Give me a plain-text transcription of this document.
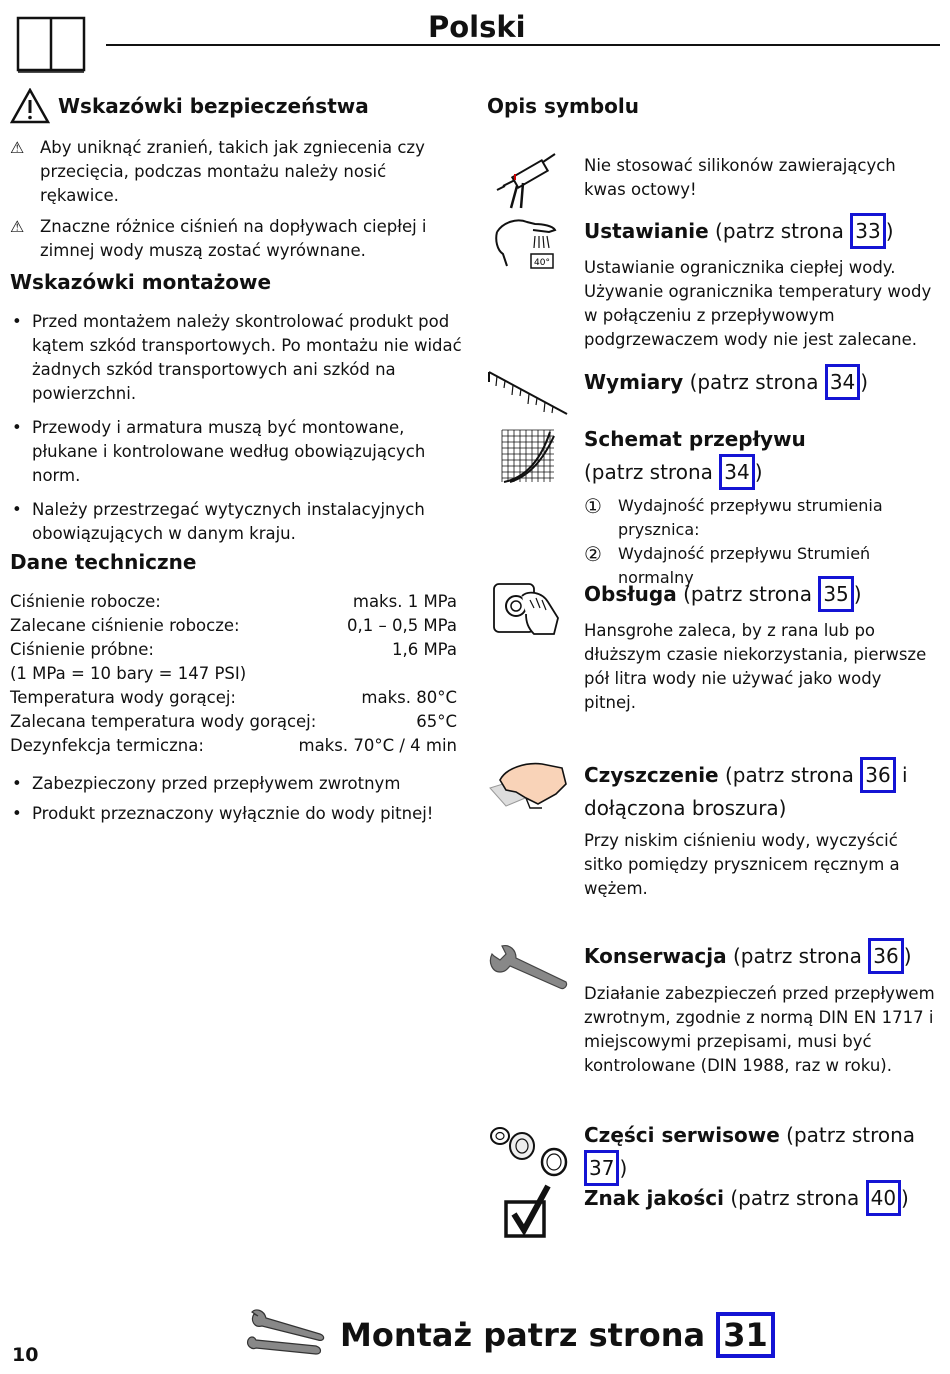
Polski
Wskazówki bezpieczeństwa
⚠ Aby uniknąć zranień, takich jak zgniecenia czy przecięcia, podczas montażu należy nosić rękawice.
⚠ Znaczne różnice ciśnień na dopływach ciepłej i zimnej wody muszą zostać wyrównane.
Wskazówki montażowe
• Przed montażem należy skontrolować produkt pod kątem szkód transportowych. Po montażu nie widać żadnych szkód transportowych ani szkód na powierzchni.
• Przewody i armatura muszą być montowane, płukane i kontrolowane według obowiązujących norm.
• Należy przestrzegać wytycznych instalacyjnych obowiązujących w danym kraju.
Dane techniczne
Ciśnienie robocze:	maks. 1 MPa
Zalecane ciśnienie robocze:	0,1 – 0,5 MPa
Ciśnienie próbne:	1,6 MPa
(1 MPa = 10 bary = 147 PSI)
Temperatura wody gorącej:	maks. 80°C
Zalecana temperatura wody gorącej:	65°C
Dezynfekcja termiczna:	maks. 70°C / 4 min
• Zabezpieczony przed przepływem zwrotnym
• Produkt przeznaczony wyłącznie do wody pitnej!
Opis symbolu
Nie stosować silikonów zawierających kwas octowy!
40°
Ustawianie (patrz strona 33 )
Ustawianie ogranicznika ciepłej wody. Używanie ogranicznika temperatury wody w połączeniu z przepływowym podgrzewaczem wody nie jest zalecane.
Wymiary (patrz strona 34 )
Schemat przepływu
(patrz strona 34 )
①	Wydajność przepływu strumienia prysznica:
②	Wydajność przepływu Strumień normalny
Obsługa (patrz strona 35 )
Hansgrohe zaleca, by z rana lub po dłuższym czasie niekorzystania, pierwsze pół litra wody nie używać jako wody pitnej.
Czyszczenie (patrz strona 36 i dołączona broszura)
Przy niskim ciśnieniu wody, wyczyścić sitko pomiędzy prysznicem ręcznym a wężem.
Konserwacja (patrz strona 36 )
Działanie zabezpieczeń przed przepływem zwrotnym, zgodnie z normą DIN EN 1717 i miejscowymi przepisami, musi być kontrolowane (DIN 1988, raz w roku).
Części serwisowe (patrz strona37 )
Znak jakości (patrz strona 40 )
10
Montaż patrz strona 31
